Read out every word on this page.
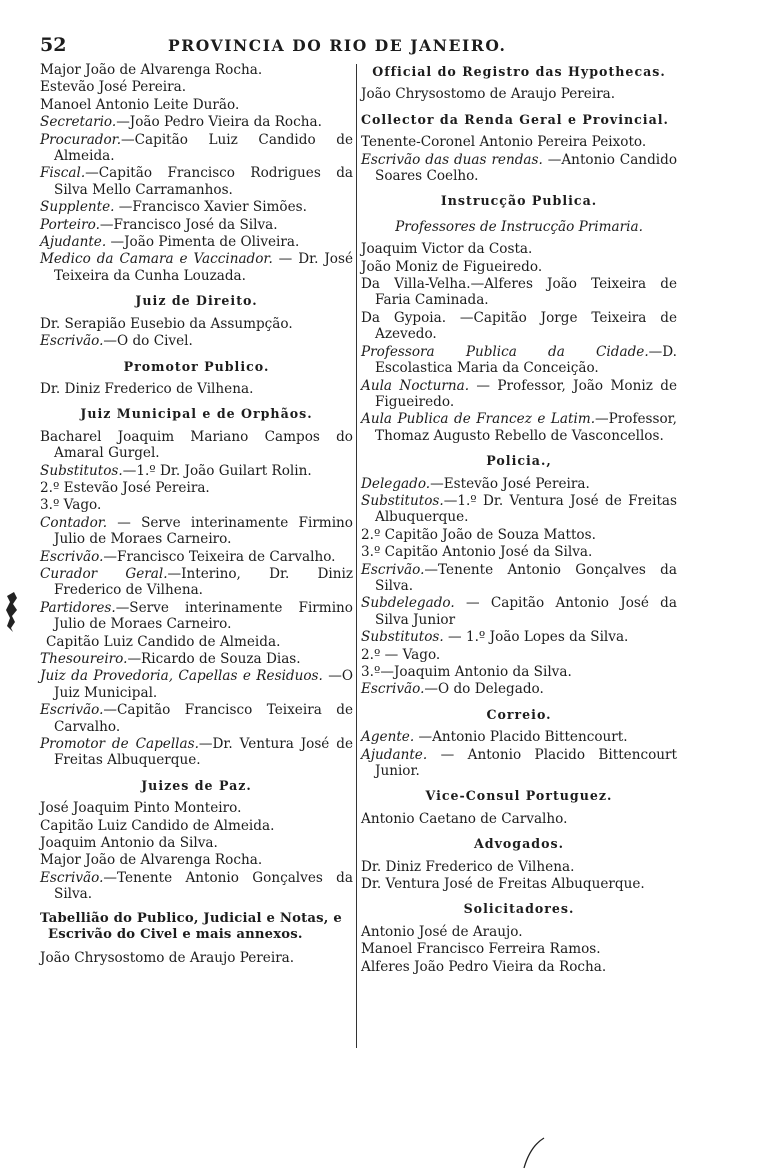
52	PROVINCIA DO RIO DE JANEIRO.
Major João de Alvarenga Rocha.
Estevão José Pereira.
Manoel Antonio Leite Durão.
Secretario.—João Pedro Vieira da Rocha.
Procurador.—Capitão Luiz Candido de Almeida.
Fiscal.—Capitão Francisco Rodrigues da Silva Mello Carramanhos.
Supplente. —Francisco Xavier Simões.
Porteiro.—Francisco José da Silva.
Ajudante. —João Pimenta de Oliveira.
Medico da Camara e Vaccinador. — Dr. José Teixeira da Cunha Louzada.
Juiz de Direito.
Dr. Serapião Eusebio da Assumpção.
Escrivão.—O do Civel.
Promotor Publico.
Dr. Diniz Frederico de Vilhena.
Juiz Municipal e de Orphãos.
Bacharel Joaquim Mariano Campos do Amaral Gurgel.
Substitutos.—1.º Dr. João Guilart Rolin.
2.º Estevão José Pereira.
3.º Vago.
Contador. — Serve interinamente Firmino Julio de Moraes Carneiro.
Escrivão.—Francisco Teixeira de Carvalho.
Curador Geral.—Interino, Dr. Diniz Frederico de Vilhena.
Partidores.—Serve interinamente Firmino Julio de Moraes Carneiro.
Capitão Luiz Candido de Almeida.
Thesoureiro.—Ricardo de Souza Dias.
Juiz da Provedoria, Capellas e Residuos. —O Juiz Municipal.
Escrivão.—Capitão Francisco Teixeira de Carvalho.
Promotor de Capellas.—Dr. Ventura José de Freitas Albuquerque.
Juizes de Paz.
José Joaquim Pinto Monteiro.
Capitão Luiz Candido de Almeida.
Joaquim Antonio da Silva.
Major João de Alvarenga Rocha.
Escrivão.—Tenente Antonio Gonçalves da Silva.
Tabellião do Publico, Judicial e Notas, e Escrivão do Civel e mais annexos.
João Chrysostomo de Araujo Pereira.
Official do Registro das Hypothecas.
João Chrysostomo de Araujo Pereira.
Collector da Renda Geral e Provincial.
Tenente-Coronel Antonio Pereira Peixoto.
Escrivão das duas rendas. —Antonio Candido Soares Coelho.
Instrucção Publica.
Professores de Instrucção Primaria.
Joaquim Victor da Costa.
João Moniz de Figueiredo.
Da Villa-Velha.—Alferes João Teixeira de Faria Caminada.
Da Gypoia. —Capitão Jorge Teixeira de Azevedo.
Professora Publica da Cidade.—D. Escolastica Maria da Conceição.
Aula Nocturna. — Professor, João Moniz de Figueiredo.
Aula Publica de Francez e Latim.—Professor, Thomaz Augusto Rebello de Vasconcellos.
Policia.,
Delegado.—Estevão José Pereira.
Substitutos.—1.º Dr. Ventura José de Freitas Albuquerque.
2.º Capitão João de Souza Mattos.
3.º Capitão Antonio José da Silva.
Escrivão.—Tenente Antonio Gonçalves da Silva.
Subdelegado. — Capitão Antonio José da Silva Junior
Substitutos. — 1.º João Lopes da Silva.
2.º — Vago.
3.º—Joaquim Antonio da Silva.
Escrivão.—O do Delegado.
Correio.
Agente. —Antonio Placido Bittencourt.
Ajudante. — Antonio Placido Bittencourt Junior.
Vice-Consul Portuguez.
Antonio Caetano de Carvalho.
Advogados.
Dr. Diniz Frederico de Vilhena.
Dr. Ventura José de Freitas Albuquerque.
Solicitadores.
Antonio José de Araujo.
Manoel Francisco Ferreira Ramos.
Alferes João Pedro Vieira da Rocha.
